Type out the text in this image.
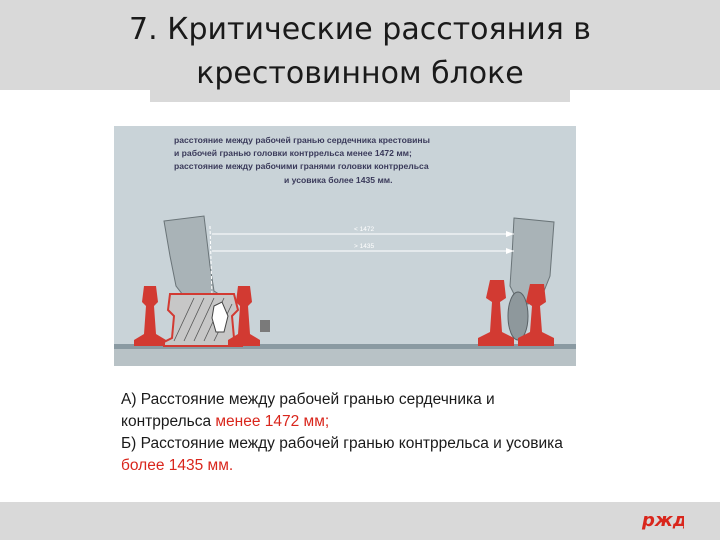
7. Критические расстояния в
крестовинном блоке
расстояние между рабочей гранью сердечника крестовины
и рабочей гранью головки контррельса менее 1472 мм;
расстояние между рабочими гранями головки контррельса
и усовика более 1435 мм.
< 1472
> 1435
А) Расстояние между рабочей гранью сердечника и контррельса менее 1472 мм;
Б) Расстояние между рабочей гранью контррельса и усовика более 1435 мм.
ржд
